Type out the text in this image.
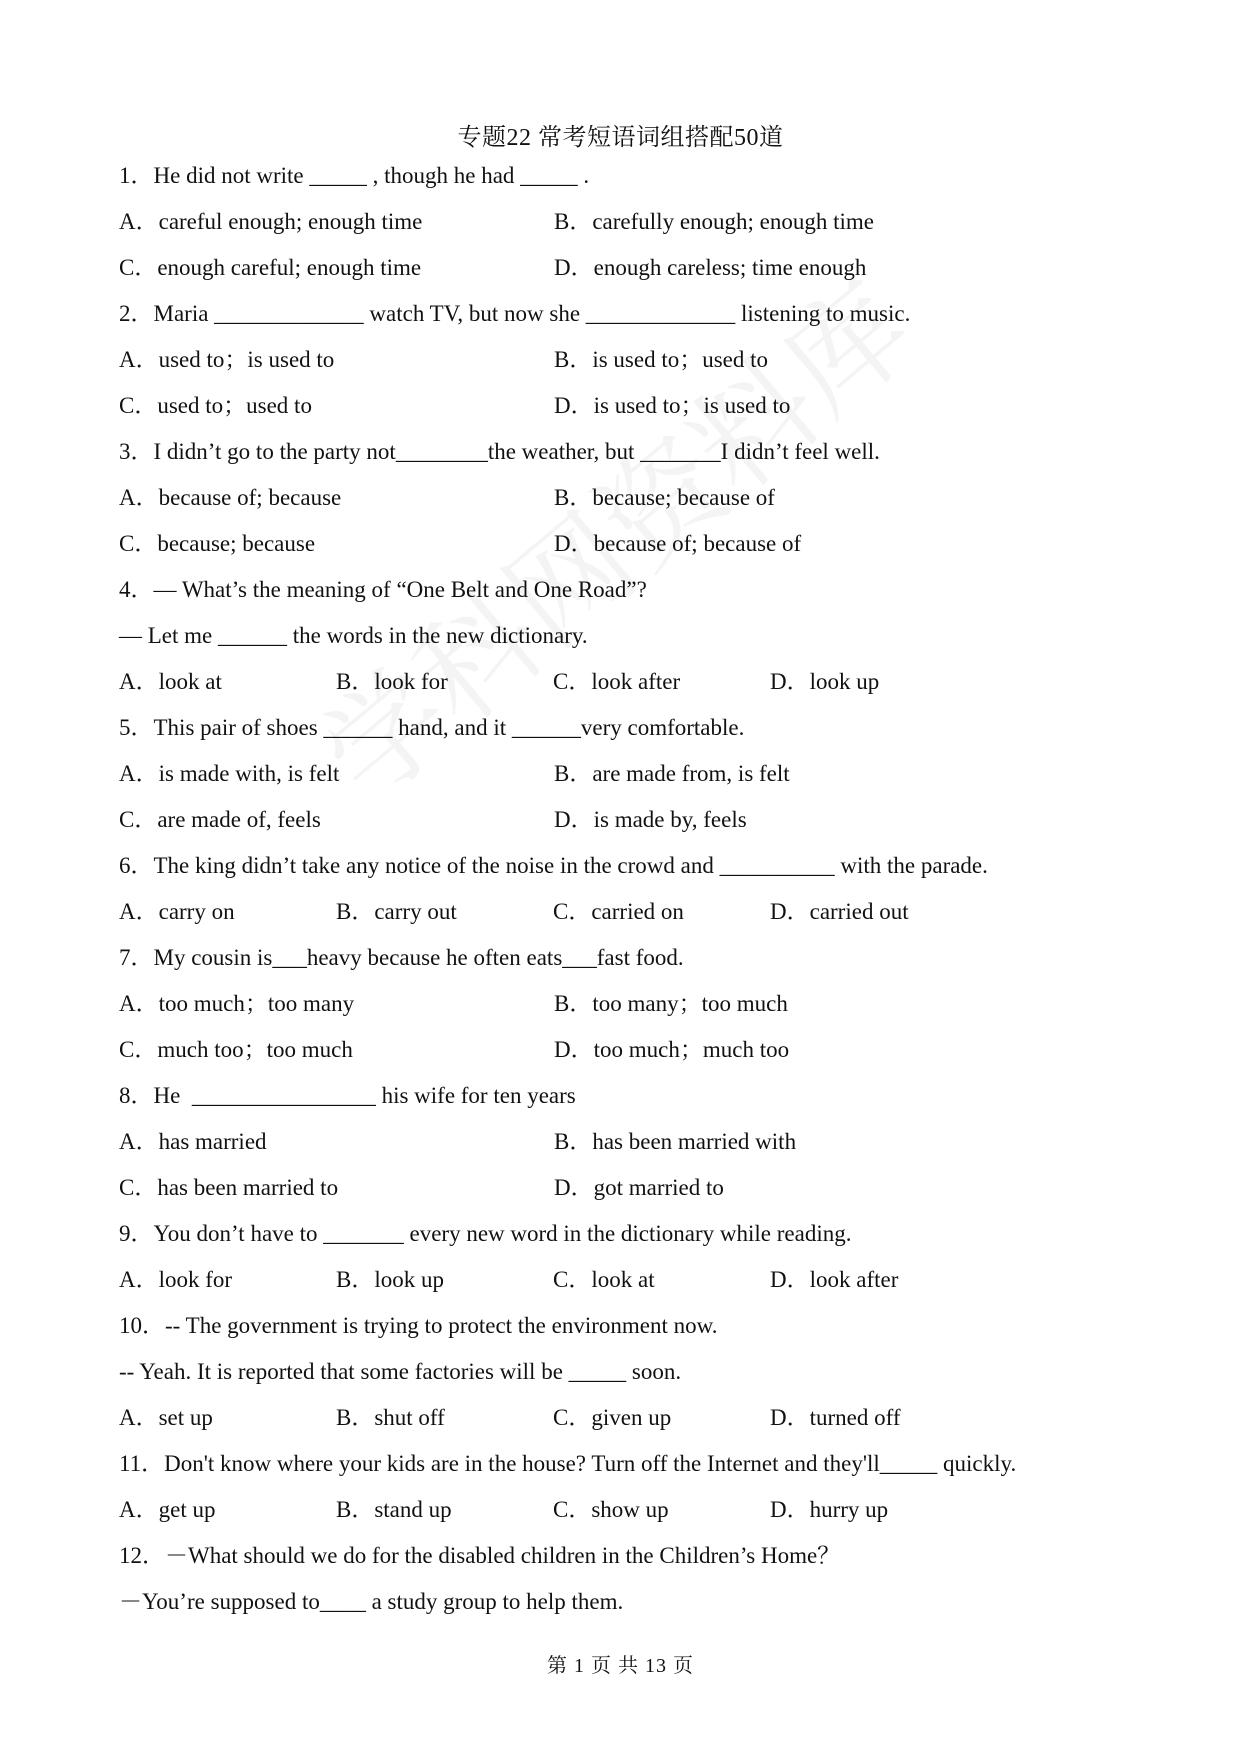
专题22 常考短语词组搭配50道
1．He did not write _____ , though he had _____ .
A．careful enough; enough time	B．carefully enough; enough time
C．enough careful; enough time	D．enough careless; time enough
2．Maria _____________ watch TV, but now she _____________ listening to music.
A．used to；is used to	B．is used to；used to
C．used to；used to	D．is used to；is used to
3．I didn’t go to the party not________the weather, but _______I didn’t feel well.
A．because of; because	B．because; because of
C．because; because	D．because of; because of
4．— What’s the meaning of “One Belt and One Road”?
— Let me ______ the words in the new dictionary.
A．look at	B．look for	C．look after	D．look up
5．This pair of shoes ______ hand, and it ______very comfortable.
A．is made with, is felt	B．are made from, is felt
C．are made of, feels	D．is made by, feels
6．The king didn’t take any notice of the noise in the crowd and __________ with the parade.
A．carry on	B．carry out	C．carried on	D．carried out
7．My cousin is___heavy because he often eats___fast food.
A．too much；too many	B．too many；too much
C．much too；too much	D．too much；much too
8．He  ________________ his wife for ten years
A．has married	B．has been married with
C．has been married to	D．got married to
9．You don’t have to _______ every new word in the dictionary while reading.
A．look for	B．look up	C．look at	D．look after
10．-- The government is trying to protect the environment now.
-- Yeah. It is reported that some factories will be _____ soon.
A．set up	B．shut off	C．given up	D．turned off
11．Don't know where your kids are in the house? Turn off the Internet and they'll_____ quickly.
A．get up	B．stand up	C．show up	D．hurry up
12．－What should we do for the disabled children in the Children’s Home？
－You’re supposed to____ a study group to help them.
第 1 页 共 13 页
